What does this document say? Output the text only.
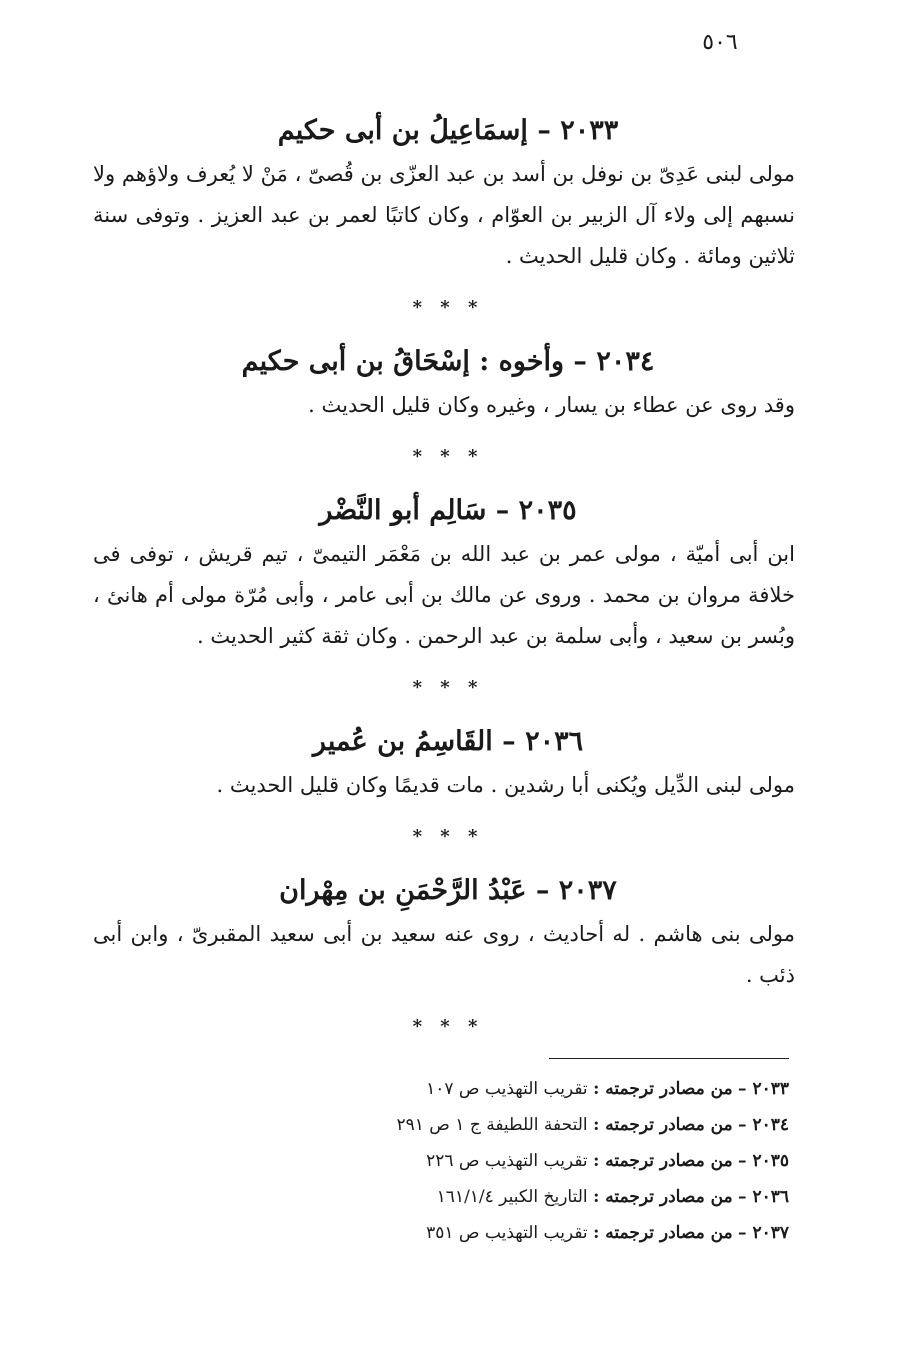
٥٠٦
٢٠٣٣ – إسمَاعِيلُ بن أبى حكيم

مولى لبنى عَدِىّ بن نوفل بن أسد بن عبد العزّى بن قُصىّ ، مَنْ لا يُعرف ولاؤهم ولا نسبهم إلى ولاء آل الزبير بن العوّام ، وكان كاتبًا لعمر بن عبد العزيز . وتوفى سنة ثلاثين ومائة . وكان قليل الحديث .

* * *
٢٠٣٤ – وأخوه : إسْحَاقُ بن أبى حكيم

وقد روى عن عطاء بن يسار ، وغيره وكان قليل الحديث .

* * *
٢٠٣٥ – سَالِم أبو النَّضْر

ابن أبى أميّة ، مولى عمر بن عبد الله بن مَعْمَر التيمىّ ، تيم قريش ، توفى فى خلافة مروان بن محمد . وروى عن مالك بن أبى عامر ، وأبى مُرّة مولى أم هانئ ، وبُسر بن سعيد ، وأبى سلمة بن عبد الرحمن . وكان ثقة كثير الحديث .

* * *
٢٠٣٦ – القَاسِمُ بن عُمير

مولى لبنى الدِّيل ويُكنى أبا رشدين . مات قديمًا وكان قليل الحديث .

* * *
٢٠٣٧ – عَبْدُ الرَّحْمَنِ بن مِهْران

مولى بنى هاشم . له أحاديث ، روى عنه سعيد بن أبى سعيد المقبرىّ ، وابن أبى ذئب .

* * *
٢٠٣٣ – من مصادر ترجمته : تقريب التهذيب ص ١٠٧
٢٠٣٤ – من مصادر ترجمته : التحفة اللطيفة ج ١ ص ٢٩١
٢٠٣٥ – من مصادر ترجمته : تقريب التهذيب ص ٢٢٦
٢٠٣٦ – من مصادر ترجمته : التاريخ الكبير ١٦١/١/٤
٢٠٣٧ – من مصادر ترجمته : تقريب التهذيب ص ٣٥١
